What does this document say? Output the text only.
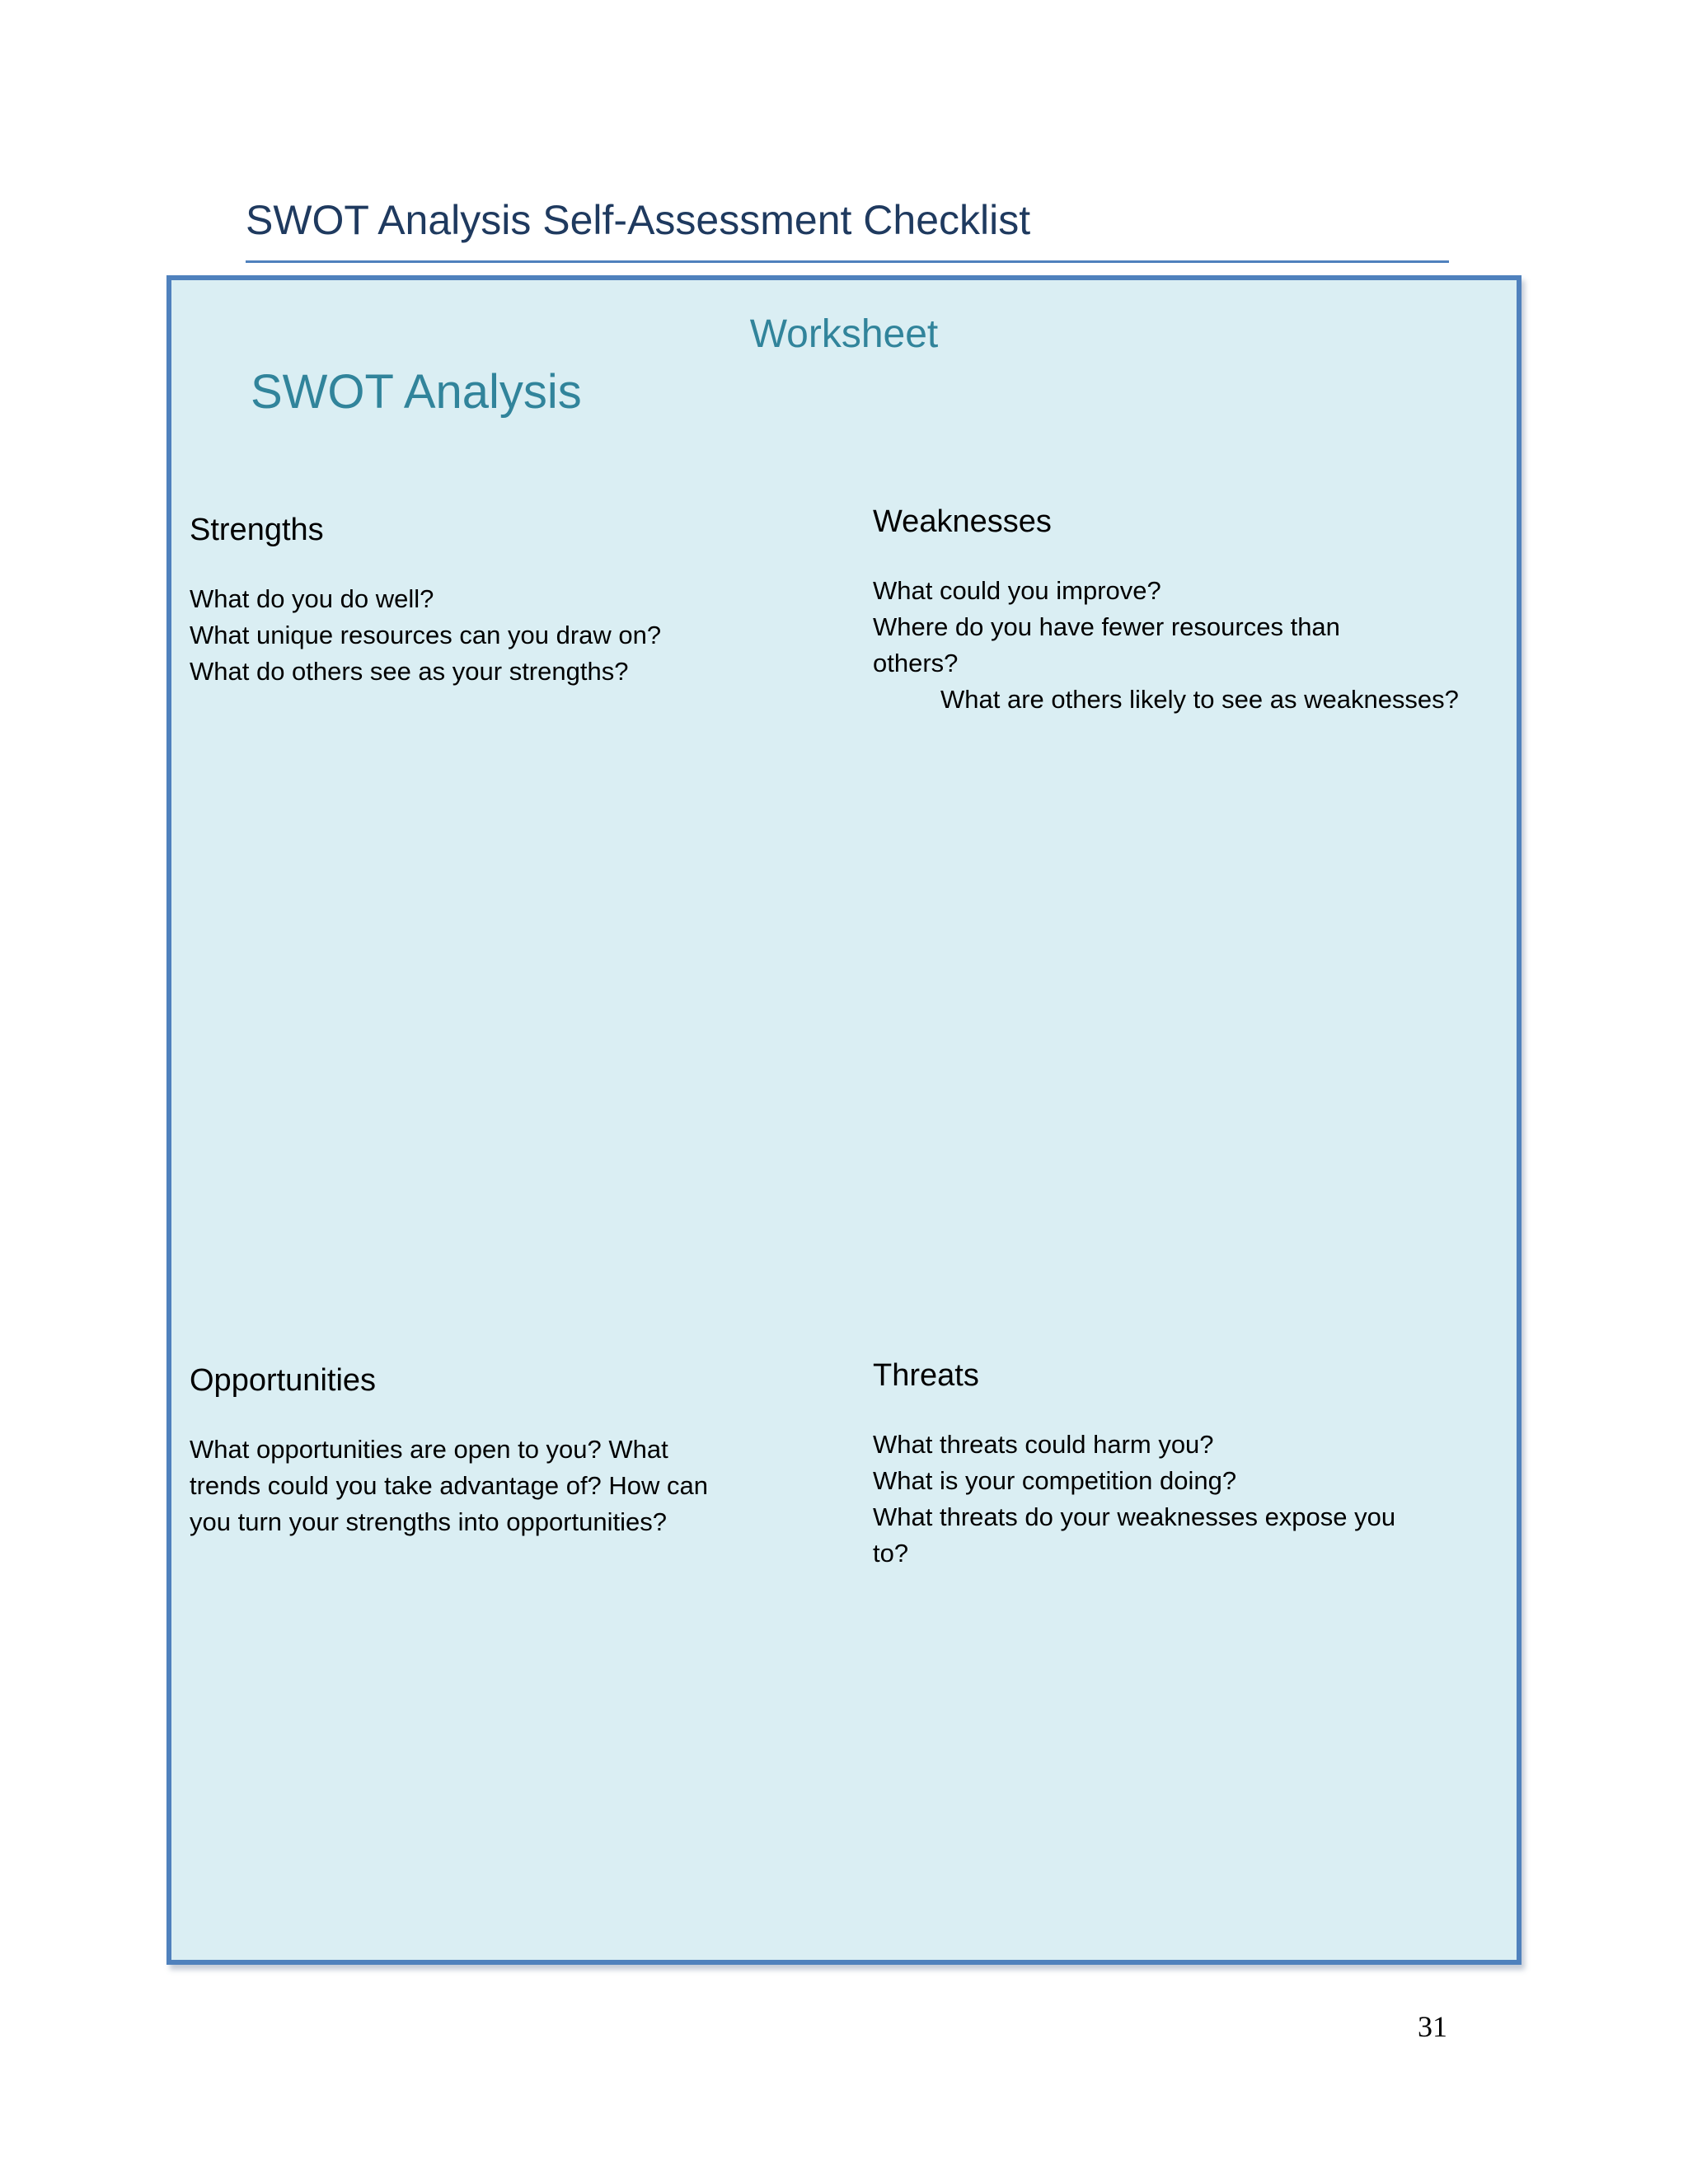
SWOT Analysis Self-Assessment Checklist
Worksheet
SWOT Analysis
Strengths

What do you do well?

What unique resources can you draw on?

What do others see as your strengths?

Weaknesses

What could you improve?

Where do you have fewer resources than

others?

What are others likely to see as weaknesses?

Opportunities

What opportunities are open to you? What

trends could you take advantage of? How can

you turn your strengths into opportunities?

Threats

What threats could harm you?

What is your competition doing?

What threats do your weaknesses expose you

to?

31
